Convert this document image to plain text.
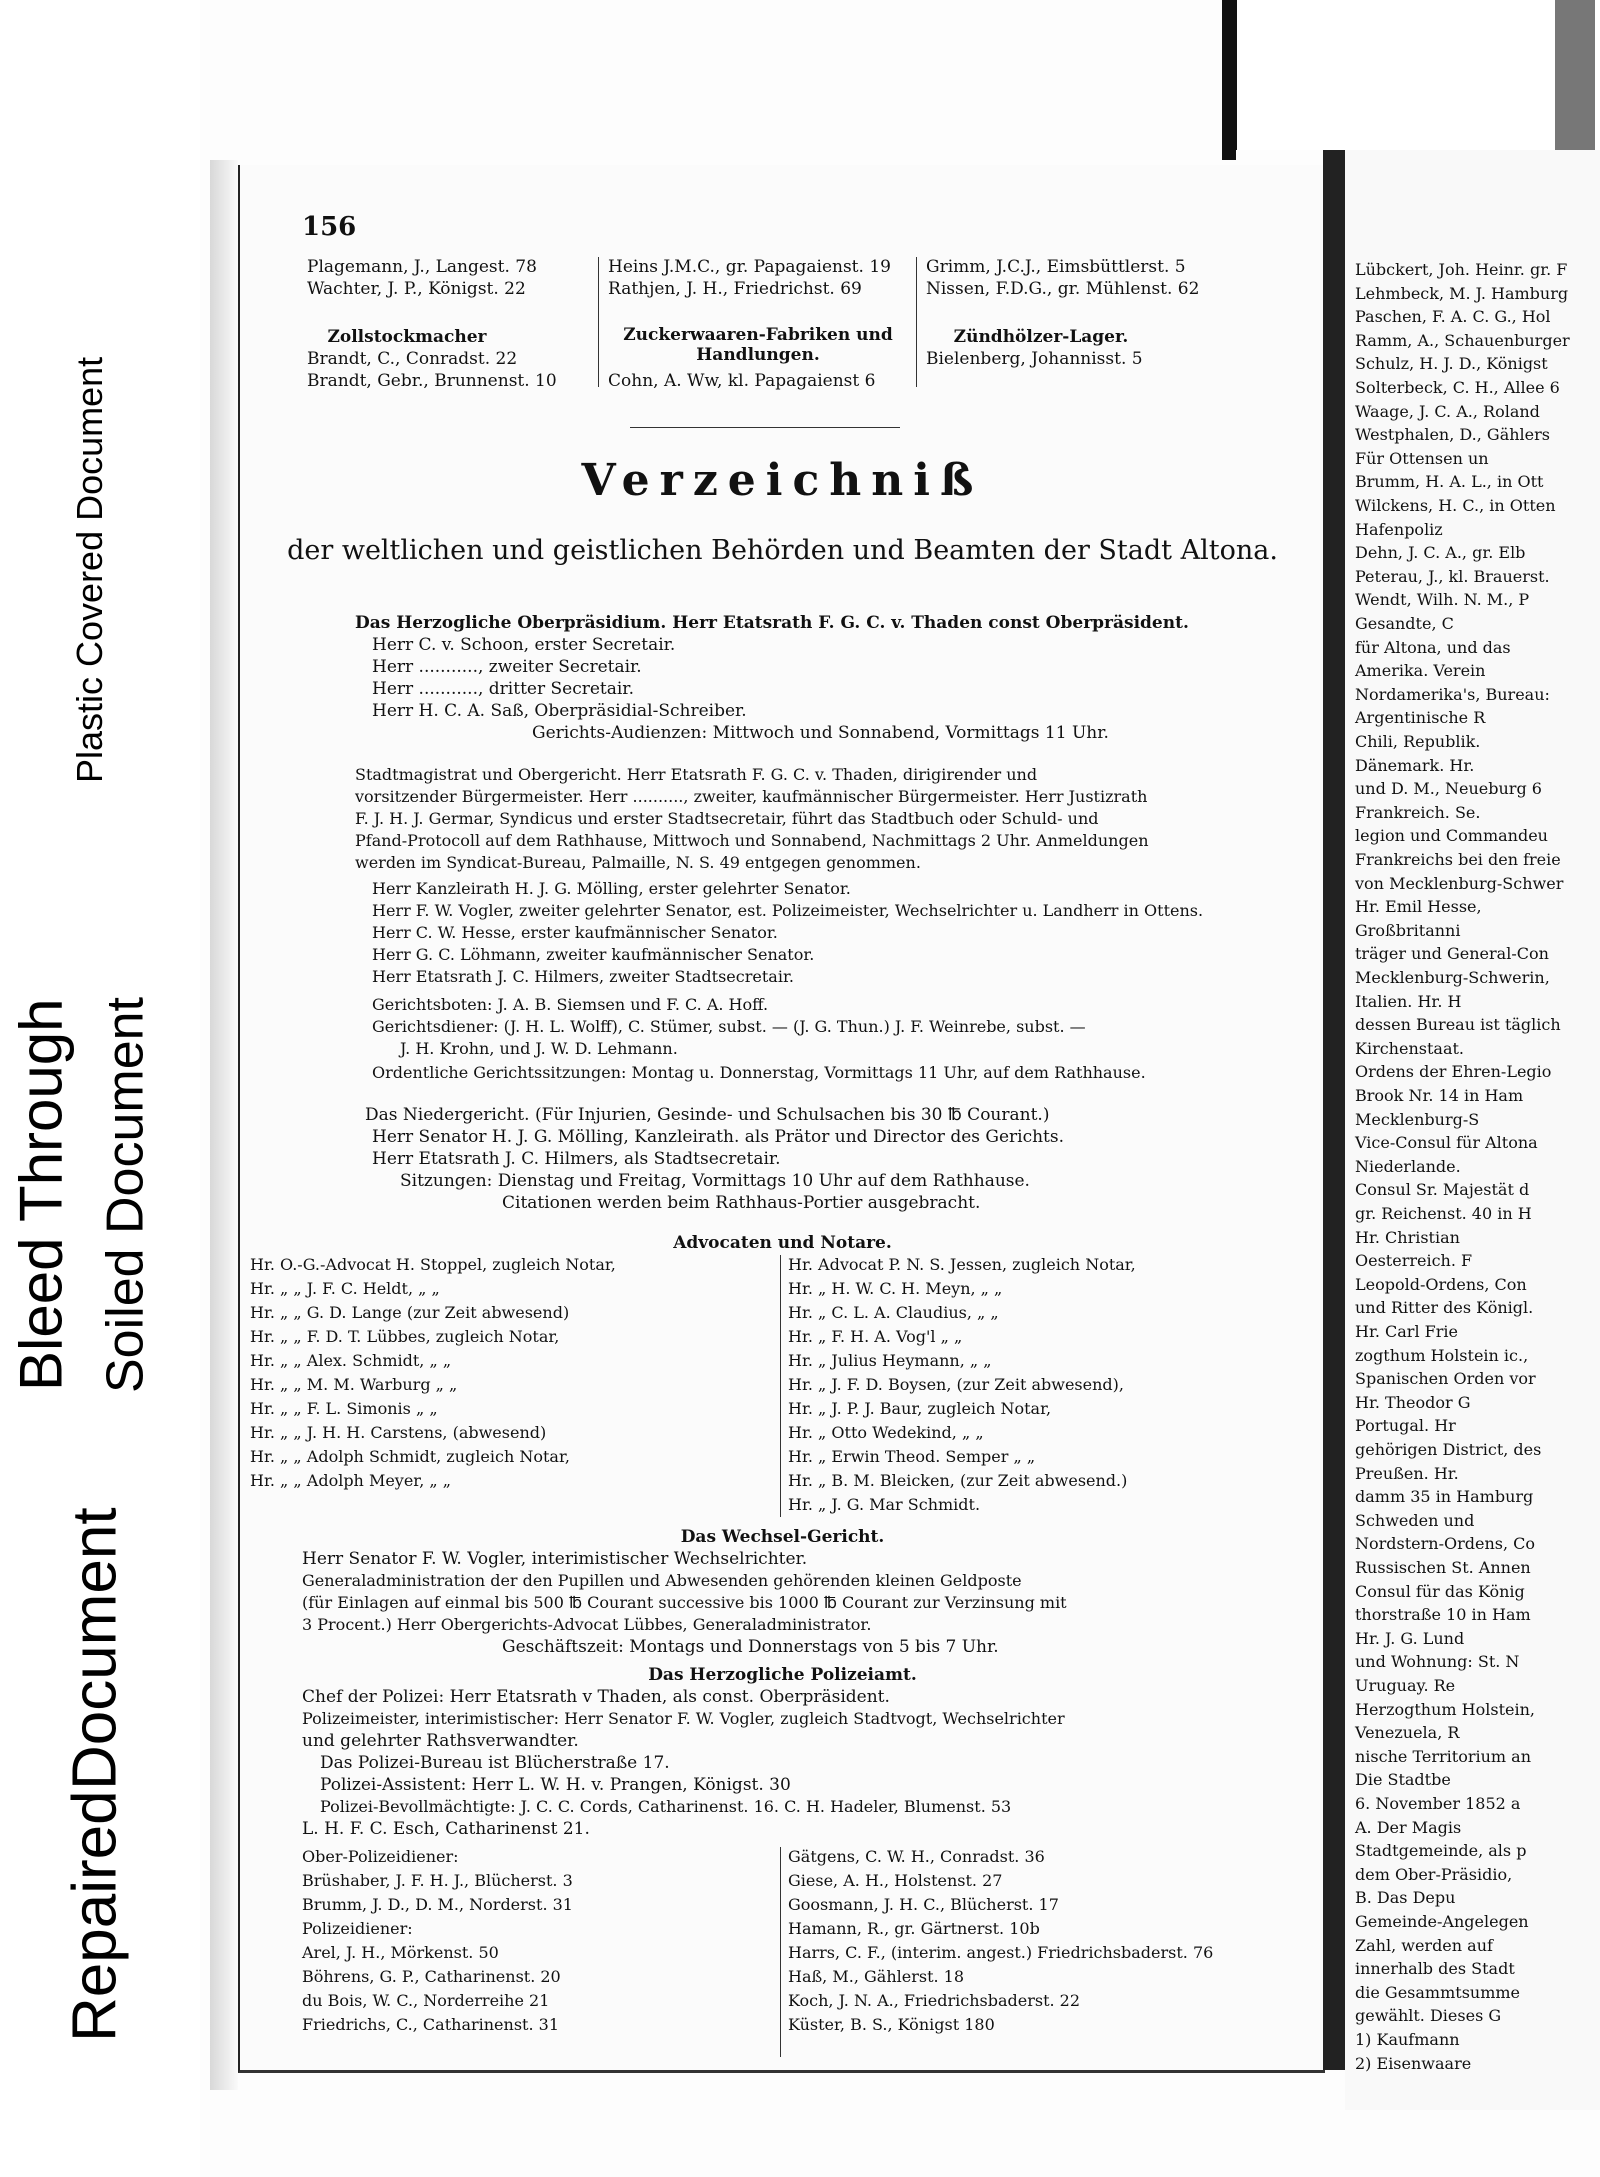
Plastic Covered Document
Bleed Through Soiled Document
Repaired
Document
156
Plagemann, J., Langest. 78
Wachter, J. P., Königst. 22
Zollstockmacher
Brandt, C., Conradst. 22
Brandt, Gebr., Brunnenst. 10
Heins J.M.C., gr. Papagaienst. 19
Rathjen, J. H., Friedrichst. 69
Zuckerwaaren-Fabriken und Handlungen.
Cohn, A. Ww, kl. Papagaienst 6
Grimm, J.C.J., Eimsbüttlerst. 5
Nissen, F.D.G., gr. Mühlenst. 62
Zündhölzer-Lager.
Bielenberg, Johannisst. 5
Verzeichniß
der weltlichen und geistlichen Behörden und Beamten der Stadt Altona.
Das Herzogliche Oberpräsidium. Herr Etatsrath F. G. C. v. Thaden const Oberpräsident.
Herr C. v. Schoon, erster Secretair.
Herr ..........., zweiter Secretair.
Herr ..........., dritter Secretair.
Herr H. C. A. Saß, Oberpräsidial-Schreiber.
Gerichts-Audienzen: Mittwoch und Sonnabend, Vormittags 11 Uhr.
Stadtmagistrat und Obergericht. Herr Etatsrath F. G. C. v. Thaden, dirigirender und
vorsitzender Bürgermeister. Herr .........., zweiter, kaufmännischer Bürgermeister. Herr Justizrath
F. J. H. J. Germar, Syndicus und erster Stadtsecretair, führt das Stadtbuch oder Schuld- und
Pfand-Protocoll auf dem Rathhause, Mittwoch und Sonnabend, Nachmittags 2 Uhr. Anmeldungen
werden im Syndicat-Bureau, Palmaille, N. S. 49 entgegen genommen.
Herr Kanzleirath H. J. G. Mölling, erster gelehrter Senator.
Herr F. W. Vogler, zweiter gelehrter Senator, est. Polizeimeister, Wechselrichter u. Landherr in Ottens.
Herr C. W. Hesse, erster kaufmännischer Senator.
Herr G. C. Löhmann, zweiter kaufmännischer Senator.
Herr Etatsrath J. C. Hilmers, zweiter Stadtsecretair.
Gerichtsboten: J. A. B. Siemsen und F. C. A. Hoff.
Gerichtsdiener: (J. H. L. Wolff), C. Stümer, subst. — (J. G. Thun.) J. F. Weinrebe, subst. —
J. H. Krohn, und J. W. D. Lehmann.
Ordentliche Gerichtssitzungen: Montag u. Donnerstag, Vormittags 11 Uhr, auf dem Rathhause.
Das Niedergericht. (Für Injurien, Gesinde- und Schulsachen bis 30 ℔ Courant.)
Herr Senator H. J. G. Mölling, Kanzleirath. als Prätor und Director des Gerichts.
Herr Etatsrath J. C. Hilmers, als Stadtsecretair.
Sitzungen: Dienstag und Freitag, Vormittags 10 Uhr auf dem Rathhause.
Citationen werden beim Rathhaus-Portier ausgebracht.
Advocaten und Notare.
Hr. O.-G.-Advocat H. Stoppel, zugleich Notar,
Hr. „ „ J. F. C. Heldt, „ „
Hr. „ „ G. D. Lange (zur Zeit abwesend)
Hr. „ „ F. D. T. Lübbes, zugleich Notar,
Hr. „ „ Alex. Schmidt, „ „
Hr. „ „ M. M. Warburg „ „
Hr. „ „ F. L. Simonis „ „
Hr. „ „ J. H. H. Carstens, (abwesend)
Hr. „ „ Adolph Schmidt, zugleich Notar,
Hr. „ „ Adolph Meyer, „ „
Hr. Advocat P. N. S. Jessen, zugleich Notar,
Hr. „ H. W. C. H. Meyn, „ „
Hr. „ C. L. A. Claudius, „ „
Hr. „ F. H. A. Vog'l „ „
Hr. „ Julius Heymann, „ „
Hr. „ J. F. D. Boysen, (zur Zeit abwesend),
Hr. „ J. P. J. Baur, zugleich Notar,
Hr. „ Otto Wedekind, „ „
Hr. „ Erwin Theod. Semper „ „
Hr. „ B. M. Bleicken, (zur Zeit abwesend.)
Hr. „ J. G. Mar Schmidt.
Das Wechsel-Gericht.
Herr Senator F. W. Vogler, interimistischer Wechselrichter.
Generaladministration der den Pupillen und Abwesenden gehörenden kleinen Geldposte
(für Einlagen auf einmal bis 500 ℔ Courant successive bis 1000 ℔ Courant zur Verzinsung mit
3 Procent.) Herr Obergerichts-Advocat Lübbes, Generaladministrator.
Geschäftszeit: Montags und Donnerstags von 5 bis 7 Uhr.
Das Herzogliche Polizeiamt.
Chef der Polizei: Herr Etatsrath v Thaden, als const. Oberpräsident.
Polizeimeister, interimistischer: Herr Senator F. W. Vogler, zugleich Stadtvogt, Wechselrichter
und gelehrter Rathsverwandter.
Das Polizei-Bureau ist Blücherstraße 17.
Polizei-Assistent: Herr L. W. H. v. Prangen, Königst. 30
Polizei-Bevollmächtigte: J. C. C. Cords, Catharinenst. 16. C. H. Hadeler, Blumenst. 53
L. H. F. C. Esch, Catharinenst 21.
Ober-Polizeidiener:
Brüshaber, J. F. H. J., Blücherst. 3
Brumm, J. D., D. M., Norderst. 31
Polizeidiener:
Arel, J. H., Mörkenst. 50
Böhrens, G. P., Catharinenst. 20
du Bois, W. C., Norderreihe 21
Friedrichs, C., Catharinenst. 31
Gätgens, C. W. H., Conradst. 36
Giese, A. H., Holstenst. 27
Goosmann, J. H. C., Blücherst. 17
Hamann, R., gr. Gärtnerst. 10b
Harrs, C. F., (interim. angest.) Friedrichsbaderst. 76
Haß, M., Gählerst. 18
Koch, J. N. A., Friedrichsbaderst. 22
Küster, B. S., Königst 180
Lübckert, Joh. Heinr. gr. F
Lehmbeck, M. J. Hamburg
Paschen, F. A. C. G., Hol
Ramm, A., Schauenburger
Schulz, H. J. D., Königst
Solterbeck, C. H., Allee 6
Waage, J. C. A., Roland
Westphalen, D., Gählers
Für Ottensen un
Brumm, H. A. L., in Ott
Wilckens, H. C., in Otten
Hafenpoliz
Dehn, J. C. A., gr. Elb
Peterau, J., kl. Brauerst.
Wendt, Wilh. N. M., P
Gesandte, C
für Altona, und das
Amerika. Verein
Nordamerika's, Bureau:
Argentinische R
Chili, Republik.
Dänemark. Hr.
und D. M., Neueburg 6
Frankreich. Se.
legion und Commandeu
Frankreichs bei den freie
von Mecklenburg-Schwer
Hr. Emil Hesse,
Großbritanni
träger und General-Con
Mecklenburg-Schwerin,
Italien. Hr. H
dessen Bureau ist täglich
Kirchenstaat.
Ordens der Ehren-Legio
Brook Nr. 14 in Ham
Mecklenburg-S
Vice-Consul für Altona
Niederlande.
Consul Sr. Majestät d
gr. Reichenst. 40 in H
Hr. Christian
Oesterreich. F
Leopold-Ordens, Con
und Ritter des Königl.
Hr. Carl Frie
zogthum Holstein ic.,
Spanischen Orden vor
Hr. Theodor G
Portugal. Hr
gehörigen District, des
Preußen. Hr.
damm 35 in Hamburg
Schweden und
Nordstern-Ordens, Co
Russischen St. Annen
Consul für das König
thorstraße 10 in Ham
Hr. J. G. Lund
und Wohnung: St. N
Uruguay. Re
Herzogthum Holstein,
Venezuela, R
nische Territorium an
Die Stadtbe
6. November 1852 a
A. Der Magis
Stadtgemeinde, als p
dem Ober-Präsidio,
B. Das Depu
Gemeinde-Angelegen
Zahl, werden auf
innerhalb des Stadt
die Gesammtsumme
gewählt. Dieses G
1) Kaufmann
2) Eisenwaare
